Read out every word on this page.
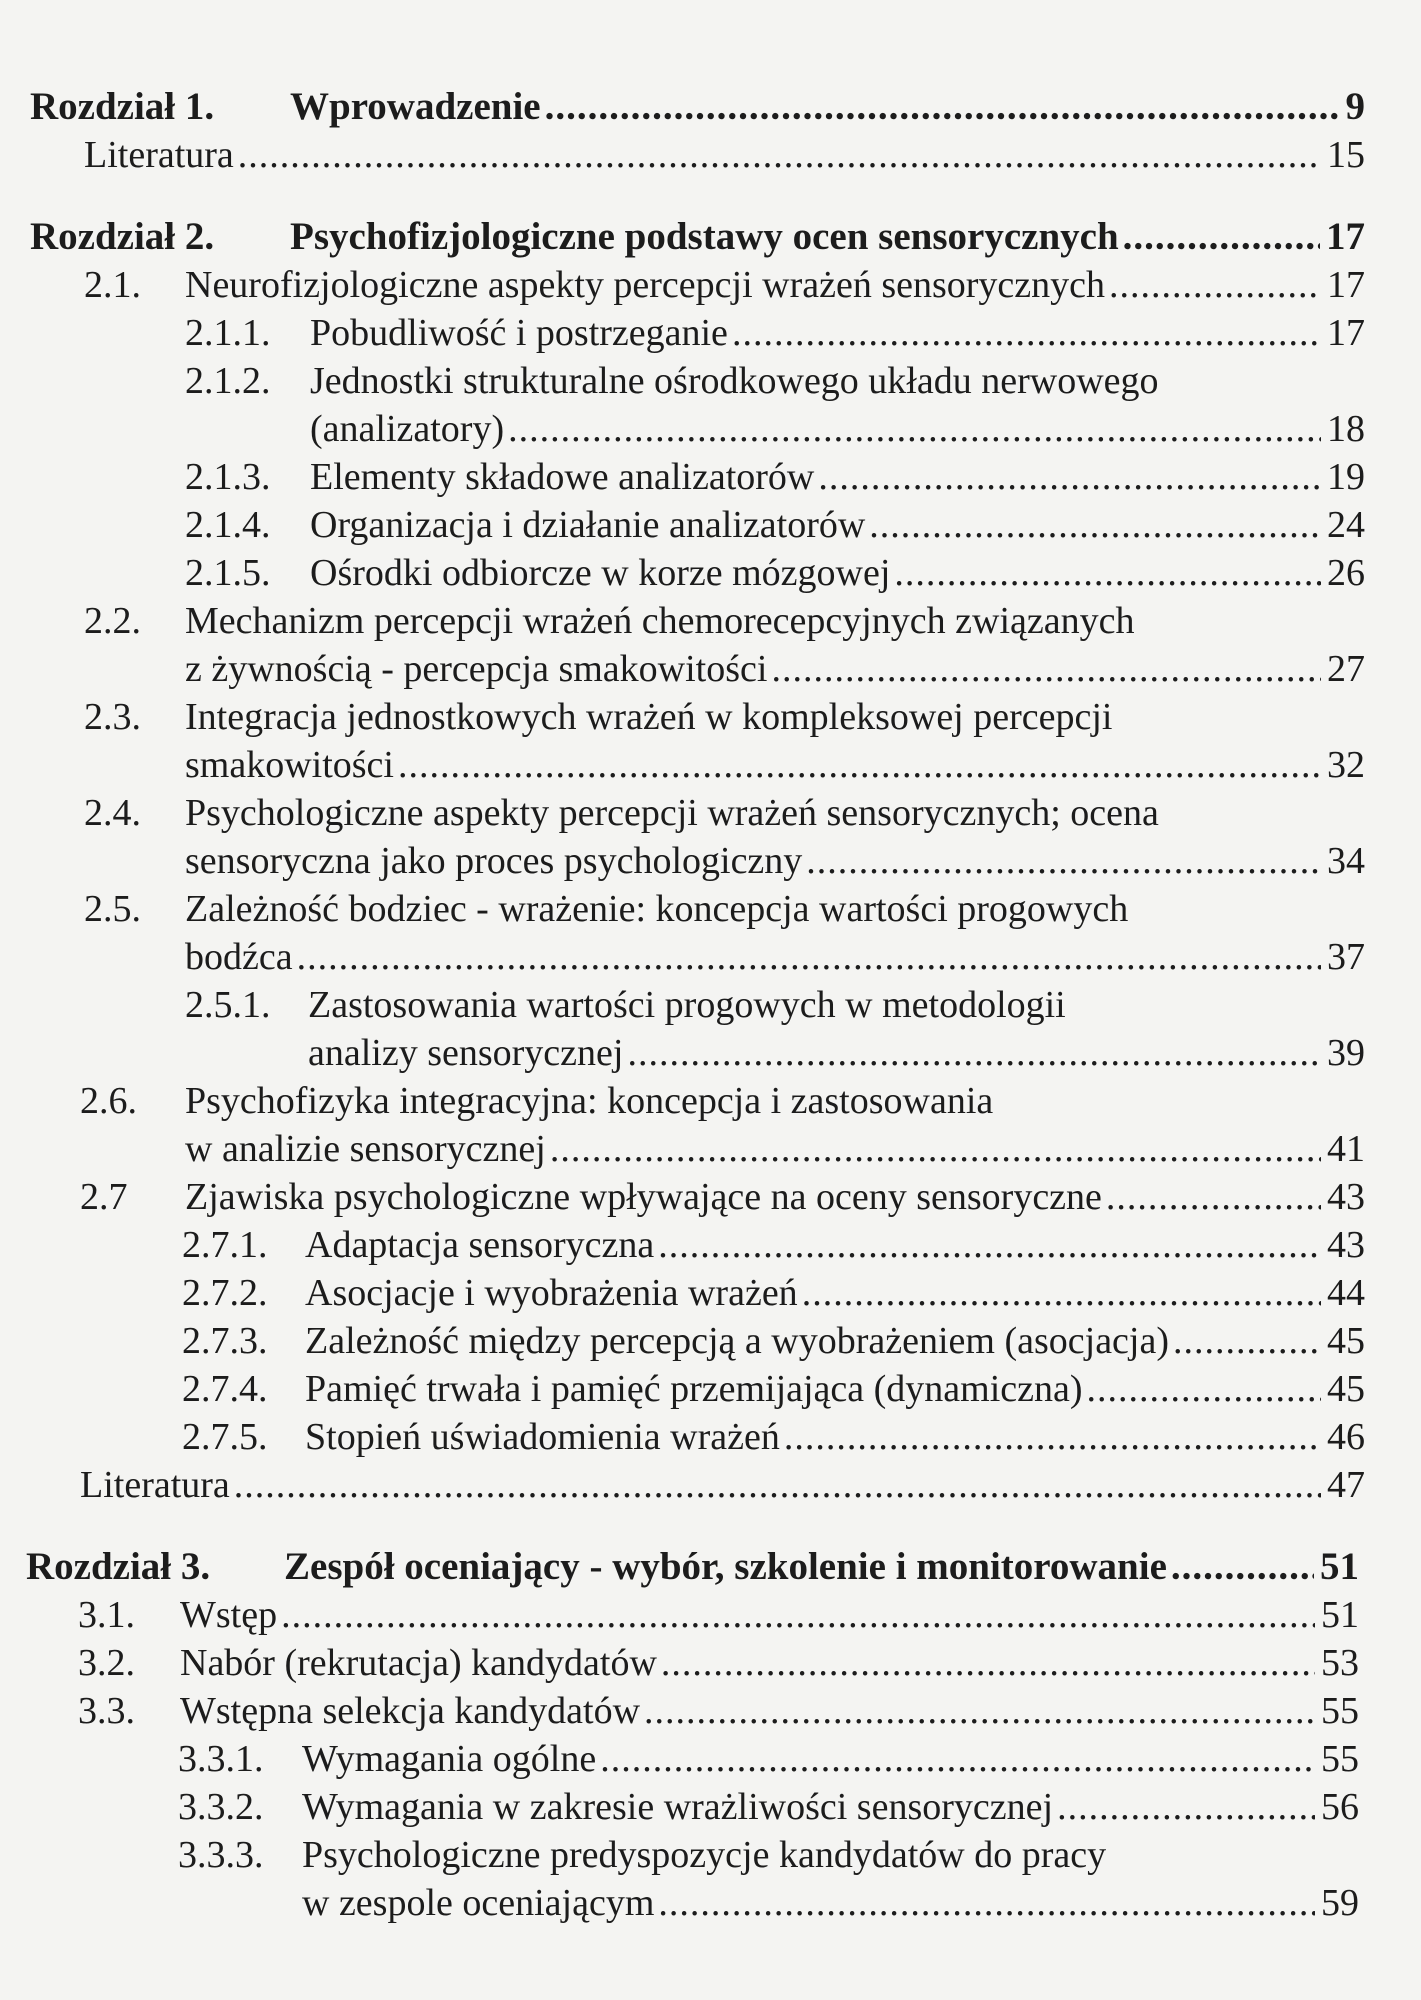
Rozdział 1. Wprowadzenie .....	9
Literatura .....	15
Rozdział 2. Psychofizjologiczne podstawy ocen sensorycznych .....	17
2.1. Neurofizjologiczne aspekty percepcji wrażeń sensorycznych .....	17
2.1.1. Pobudliwość i postrzeganie .....	17
2.1.2. Jednostki strukturalne ośrodkowego układu nerwowego
(analizatory) .....	18
2.1.3. Elementy składowe analizatorów .....	19
2.1.4. Organizacja i działanie analizatorów .....	24
2.1.5. Ośrodki odbiorcze w korze mózgowej .....	26
2.2. Mechanizm percepcji wrażeń chemorecepcyjnych związanych
z żywnością - percepcja smakowitości .....	27
2.3. Integracja jednostkowych wrażeń w kompleksowej percepcji
smakowitości .....	32
2.4. Psychologiczne aspekty percepcji wrażeń sensorycznych; ocena
sensoryczna jako proces psychologiczny .....	34
2.5. Zależność bodziec - wrażenie: koncepcja wartości progowych
bodźca .....	37
2.5.1. Zastosowania wartości progowych w metodologii
analizy sensorycznej .....	39
2.6. Psychofizyka integracyjna: koncepcja i zastosowania
w analizie sensorycznej .....	41
2.7 Zjawiska psychologiczne wpływające na oceny sensoryczne .....	43
2.7.1. Adaptacja sensoryczna .....	43
2.7.2. Asocjacje i wyobrażenia wrażeń .....	44
2.7.3. Zależność między percepcją a wyobrażeniem (asocjacja) .....	45
2.7.4. Pamięć trwała i pamięć przemijająca (dynamiczna) .....	45
2.7.5. Stopień uświadomienia wrażeń .....	46
Literatura .....	47
Rozdział 3. Zespół oceniający - wybór, szkolenie i monitorowanie .....	51
3.1. Wstęp .....	51
3.2. Nabór (rekrutacja) kandydatów .....	53
3.3. Wstępna selekcja kandydatów .....	55
3.3.1. Wymagania ogólne .....	55
3.3.2. Wymagania w zakresie wrażliwości sensorycznej .....	56
3.3.3. Psychologiczne predyspozycje kandydatów do pracy
w zespole oceniającym .....	59
